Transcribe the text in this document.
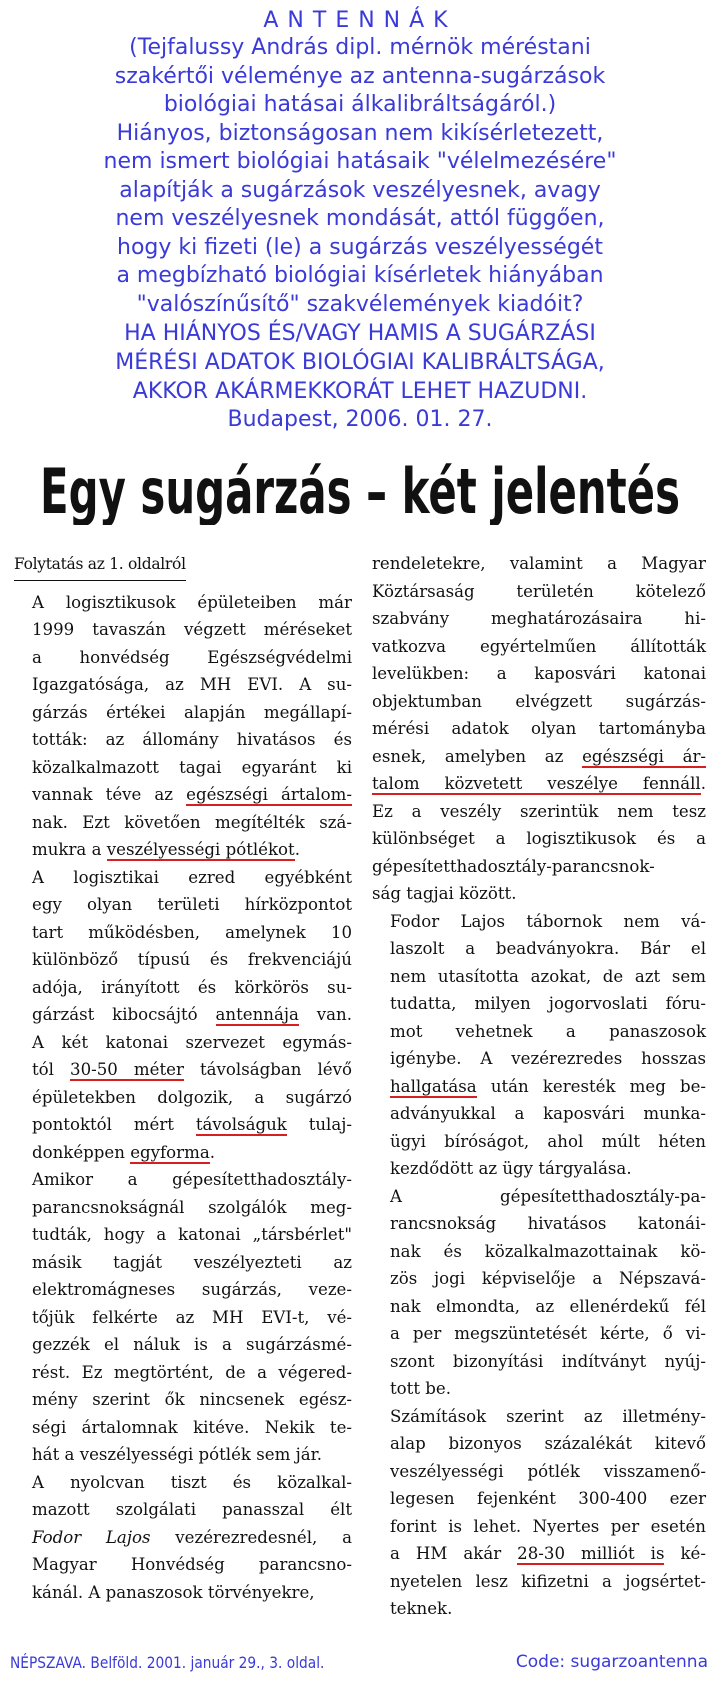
ANTENNÁK
(Tejfalussy András dipl. mérnök méréstani
szakértői véleménye az antenna-sugárzások
biológiai hatásai álkalibráltságáról.)
Hiányos, biztonságosan nem kikísérletezett,
nem ismert biológiai hatásaik "vélelmezésére"
alapítják a sugárzások veszélyesnek, avagy
nem veszélyesnek mondását, attól függően,
hogy ki fizeti (le) a sugárzás veszélyességét
a megbízható biológiai kísérletek hiányában
"valószínűsítő" szakvélemények kiadóit?
HA HIÁNYOS ÉS/VAGY HAMIS A SUGÁRZÁSI
MÉRÉSI ADATOK BIOLÓGIAI KALIBRÁLTSÁGA,
AKKOR AKÁRMEKKORÁT LEHET HAZUDNI.
Budapest, 2006. 01. 27.
Egy sugárzás – két jelentés
Folytatás az 1. oldalról

A logisztikusok épületeiben már
1999 tavaszán végzett méréseket
a honvédség Egészségvédelmi
Igazgatósága, az MH EVI. A su-
gárzás értékei alapján megállapí-
tották: az állomány hivatásos és
közalkalmazott tagai egyaránt ki
vannak téve az egészségi ártalom-
nak. Ezt követően megítélték szá-
mukra a veszélyességi pótlékot.

A logisztikai ezred egyébként
egy olyan területi hírközpontot
tart működésben, amelynek 10
különböző típusú és frekvenciájú
adója, irányított és körkörös su-
gárzást kibocsájtó antennája van.
A két katonai szervezet egymás-
tól 30-50 méter távolságban lévő
épületekben dolgozik, a sugárzó
pontoktól mért távolságuk tulaj-
donképpen egyforma.

Amikor a gépesítetthadosztály-
parancsnokságnál szolgálók meg-
tudták, hogy a katonai „társbérlet"
másik tagját veszélyezteti az
elektromágneses sugárzás, veze-
tőjük felkérte az MH EVI-t, vé-
gezzék el náluk is a sugárzásmé-
rést. Ez megtörtént, de a végered-
mény szerint ők nincsenek egész-
ségi ártalomnak kitéve. Nekik te-
hát a veszélyességi pótlék sem jár.

A nyolcvan tiszt és közalkal-
mazott szolgálati panasszal élt
Fodor Lajos vezérezredesnél, a
Magyar Honvédség parancsno-
kánál. A panaszosok törvényekre,

rendeletekre, valamint a Magyar
Köztársaság területén kötelező
szabvány meghatározásaira hi-
vatkozva egyértelműen állították
levelükben: a kaposvári katonai
objektumban elvégzett sugárzás-
mérési adatok olyan tartományba
esnek, amelyben az egészségi ár-
talom közvetett veszélye fennáll.
Ez a veszély szerintük nem tesz
különbséget a logisztikusok és a
gépesítetthadosztály-parancsnok-
ság tagjai között.

Fodor Lajos tábornok nem vá-
laszolt a beadványokra. Bár el
nem utasította azokat, de azt sem
tudatta, milyen jogorvoslati fóru-
mot vehetnek a panaszosok
igénybe. A vezérezredes hosszas
hallgatása után keresték meg be-
adványukkal a kaposvári munka-
ügyi bíróságot, ahol múlt héten
kezdődött az ügy tárgyalása.

A gépesítetthadosztály-pa-
rancsnokság hivatásos katonái-
nak és közalkalmazottainak kö-
zös jogi képviselője a Népszavá-
nak elmondta, az ellenérdekű fél
a per megszüntetését kérte, ő vi-
szont bizonyítási indítványt nyúj-
tott be.

Számítások szerint az illetmény-
alap bizonyos százalékát kitevő
veszélyességi pótlék visszamenő-
legesen fejenként 300-400 ezer
forint is lehet. Nyertes per esetén
a HM akár 28-30 milliót is ké-
nyetelen lesz kifizetni a jogsértet-
teknek.

NÉPSZAVA. Belföld. 2001. január 29., 3. oldal.	Code: sugarzoantenna
